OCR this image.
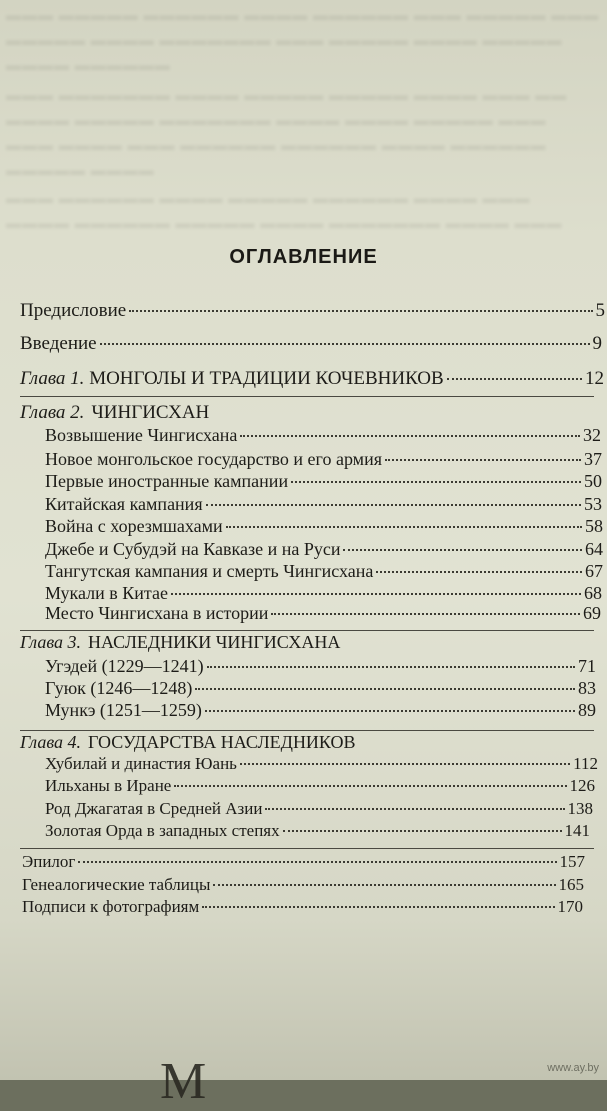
▬▬▬ ▬▬▬▬▬ ▬▬▬▬▬▬ ▬▬▬▬ ▬▬▬▬▬▬ ▬▬▬ ▬▬▬▬▬ ▬▬▬
▬▬▬▬▬ ▬▬▬▬ ▬▬▬▬▬▬▬ ▬▬▬ ▬▬▬▬▬ ▬▬▬▬ ▬▬▬▬▬
▬▬▬▬ ▬▬▬▬▬▬
▬▬▬ ▬▬▬▬▬▬▬ ▬▬▬▬ ▬▬▬▬▬ ▬▬▬▬▬ ▬▬▬▬ ▬▬▬ ▬▬
▬▬▬▬ ▬▬▬▬▬ ▬▬▬▬▬▬▬ ▬▬▬▬ ▬▬▬▬ ▬▬▬▬▬ ▬▬▬
▬▬▬ ▬▬▬▬ ▬▬▬ ▬▬▬▬▬▬ ▬▬▬▬▬▬ ▬▬▬▬ ▬▬▬▬▬▬
▬▬▬▬▬ ▬▬▬▬
▬▬▬ ▬▬▬▬▬▬ ▬▬▬▬ ▬▬▬▬▬ ▬▬▬▬▬▬ ▬▬▬▬ ▬▬▬
▬▬▬▬ ▬▬▬▬▬▬ ▬▬▬▬▬ ▬▬▬▬ ▬▬▬▬▬▬▬ ▬▬▬▬ ▬▬▬
ОГЛАВЛЕНИЕ
Предисловие	5
Введение	9
Глава 1. МОНГОЛЫ И ТРАДИЦИИ КОЧЕВНИКОВ	12
Глава 2. ЧИНГИСХАН
Возвышение Чингисхана	32
Новое монгольское государство и его армия	37
Первые иностранные кампании	50
Китайская кампания	53
Война с хорезмшахами	58
Джебе и Субудэй на Кавказе и на Руси	64
Тангутская кампания и смерть Чингисхана	67
Мукали в Китае	68
Место Чингисхана в истории	69
Глава 3. НАСЛЕДНИКИ ЧИНГИСХАНА
Угэдей (1229—1241)	71
Гуюк (1246—1248)	83
Мункэ (1251—1259)	89
Глава 4. ГОСУДАРСТВА НАСЛЕДНИКОВ
Хубилай и династия Юань	112
Ильханы в Иране	126
Род Джагатая в Средней Азии	138
Золотая Орда в западных степях	141
Эпилог	157
Генеалогические таблицы	165
Подписи к фотографиям	170
М	www.ay.by
